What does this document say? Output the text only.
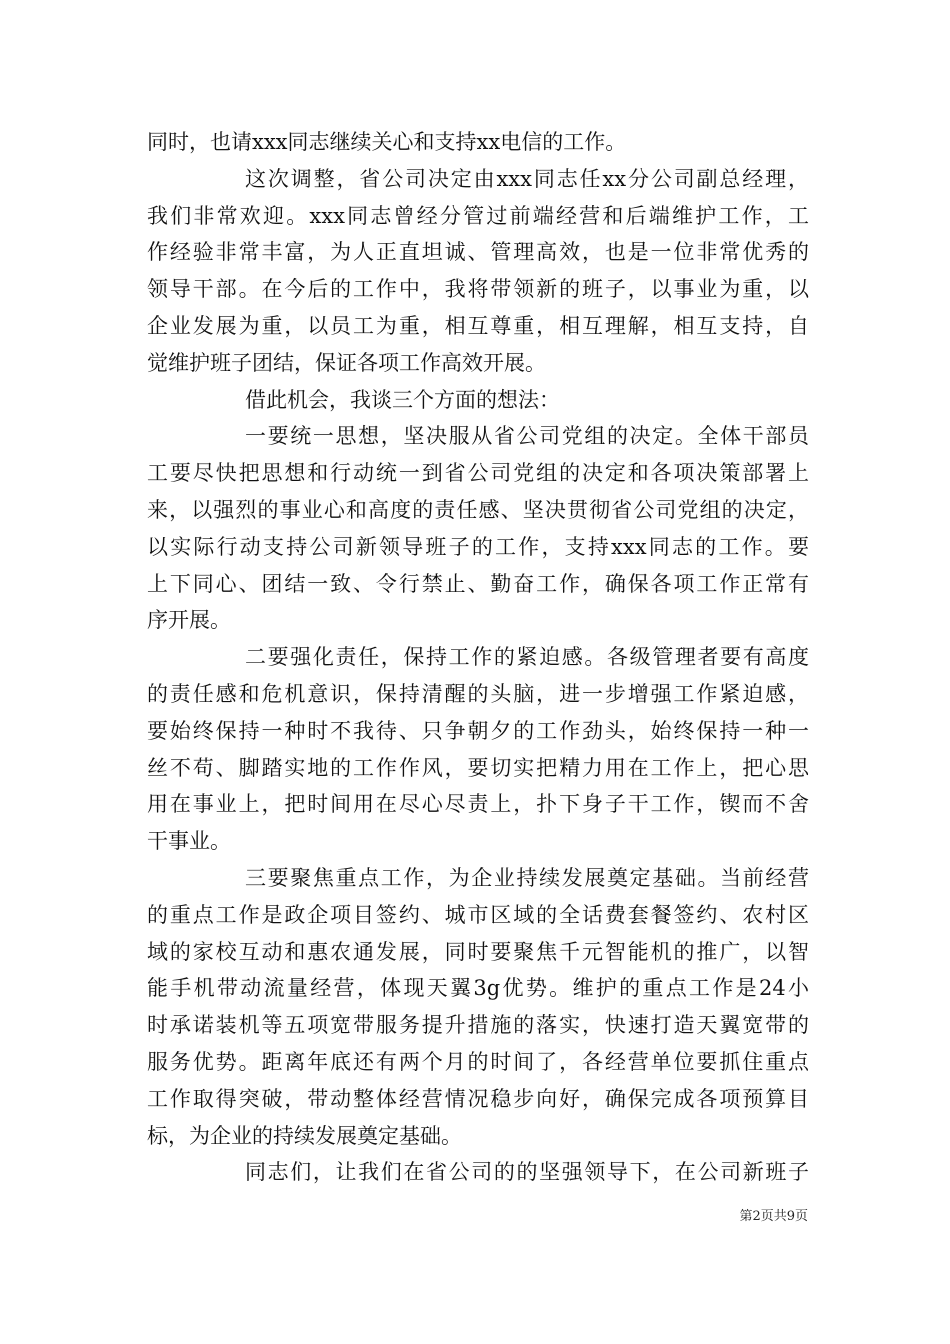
同时，也请xxx同志继续关心和支持xx电信的工作。
这次调整，省公司决定由xxx同志任xx分公司副总经理，
我们非常欢迎。xxx同志曾经分管过前端经营和后端维护工作，工
作经验非常丰富，为人正直坦诚、管理高效，也是一位非常优秀的
领导干部。在今后的工作中，我将带领新的班子，以事业为重，以
企业发展为重，以员工为重，相互尊重，相互理解，相互支持，自
觉维护班子团结，保证各项工作高效开展。
借此机会，我谈三个方面的想法：
一要统一思想，坚决服从省公司党组的决定。全体干部员
工要尽快把思想和行动统一到省公司党组的决定和各项决策部署上
来，以强烈的事业心和高度的责任感、坚决贯彻省公司党组的决定，
以实际行动支持公司新领导班子的工作，支持xxx同志的工作。要
上下同心、团结一致、令行禁止、勤奋工作，确保各项工作正常有
序开展。
二要强化责任，保持工作的紧迫感。各级管理者要有高度
的责任感和危机意识，保持清醒的头脑，进一步增强工作紧迫感，
要始终保持一种时不我待、只争朝夕的工作劲头，始终保持一种一
丝不苟、脚踏实地的工作作风，要切实把精力用在工作上，把心思
用在事业上，把时间用在尽心尽责上，扑下身子干工作，锲而不舍
干事业。
三要聚焦重点工作，为企业持续发展奠定基础。当前经营
的重点工作是政企项目签约、城市区域的全话费套餐签约、农村区
域的家校互动和惠农通发展，同时要聚焦千元智能机的推广，以智
能手机带动流量经营，体现天翼3g优势。维护的重点工作是24小
时承诺装机等五项宽带服务提升措施的落实，快速打造天翼宽带的
服务优势。距离年底还有两个月的时间了，各经营单位要抓住重点
工作取得突破，带动整体经营情况稳步向好，确保完成各项预算目
标，为企业的持续发展奠定基础。
同志们，让我们在省公司的的坚强领导下，在公司新班子
第2页共9页
